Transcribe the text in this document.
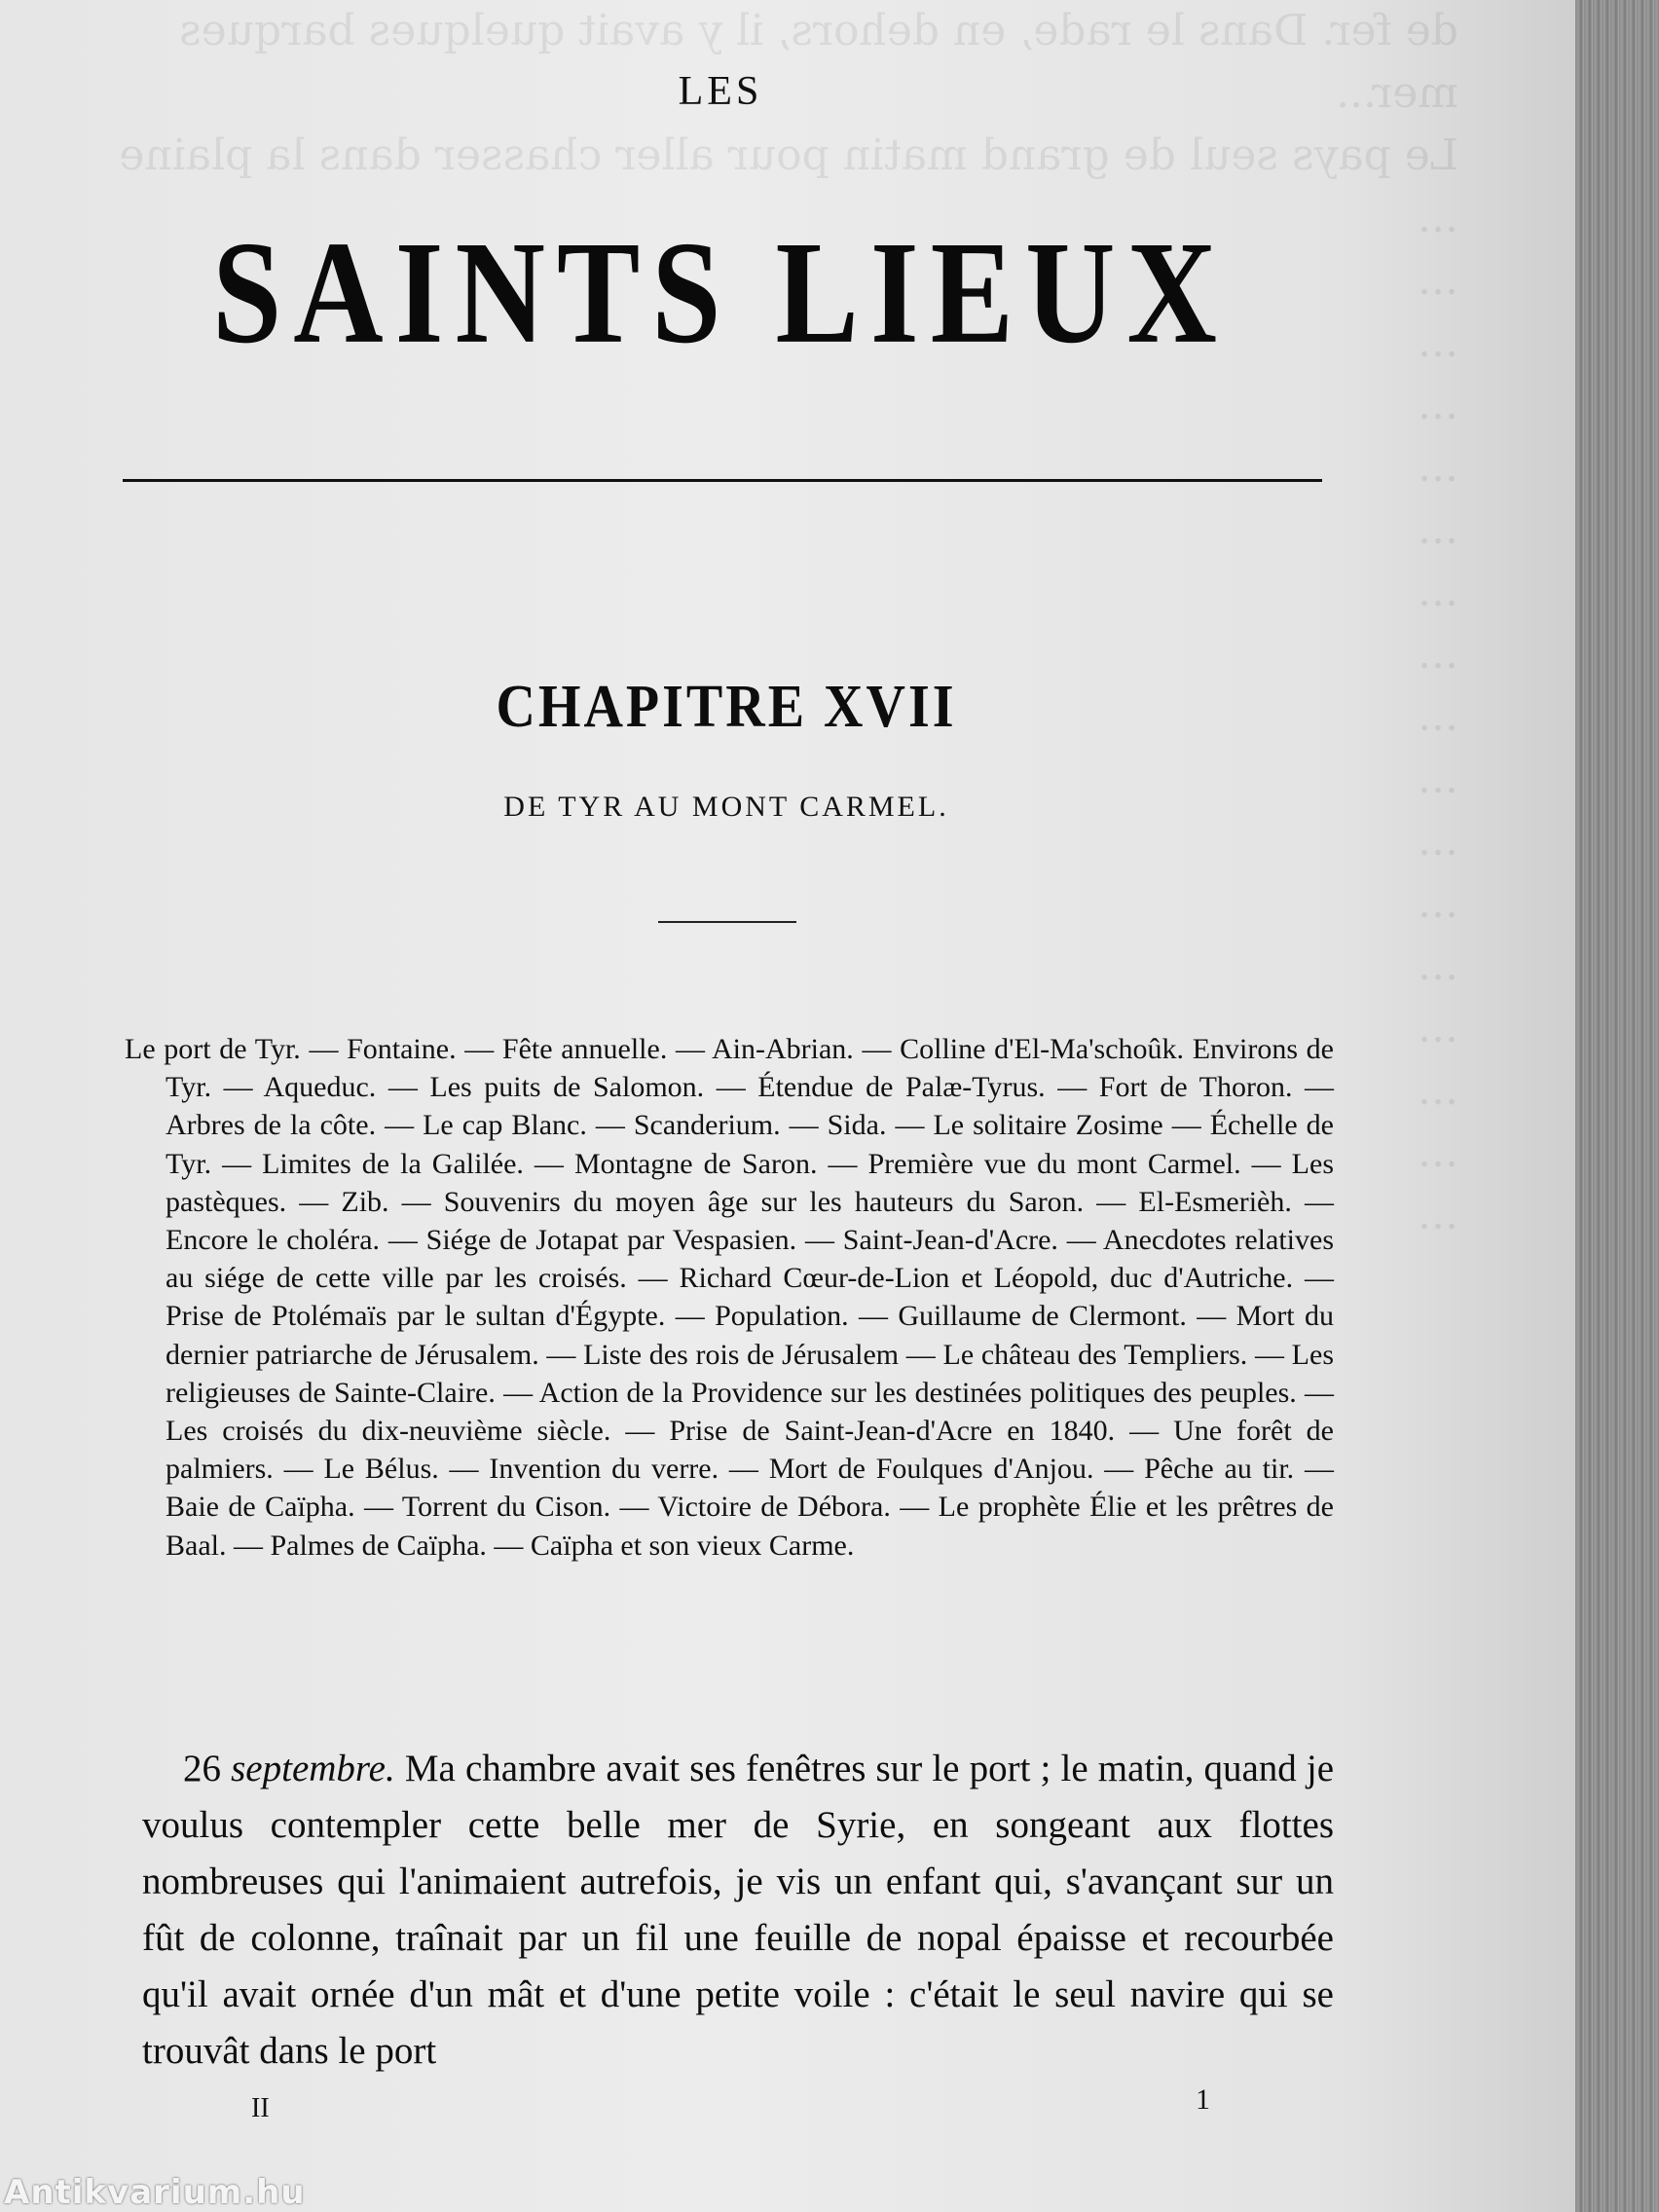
de fer. Dans le rade, en dehors, il y avait quelques barques
mer...
Le pays seul de grand matin pour aller chasser dans la plaine
...
...
...
...
...
...
...
...
...
...
...
...
...
...
...
...
...
LES
SAINTS LIEUX
CHAPITRE XVII
DE TYR AU MONT CARMEL.
Le port de Tyr. — Fontaine. — Fête annuelle. — Ain-Abrian. — Colline d'El-Ma'schoûk. Environs de Tyr. — Aqueduc. — Les puits de Salomon. — Étendue de Palæ-Tyrus. — Fort de Thoron. — Arbres de la côte. — Le cap Blanc. — Scanderium. — Sida. — Le solitaire Zosime — Échelle de Tyr. — Limites de la Galilée. — Montagne de Saron. — Première vue du mont Carmel. — Les pastèques. — Zib. — Souvenirs du moyen âge sur les hauteurs du Saron. — El-Esmerièh. — Encore le choléra. — Siége de Jotapat par Vespasien. — Saint-Jean-d'Acre. — Anecdotes relatives au siége de cette ville par les croisés. — Richard Cœur-de-Lion et Léopold, duc d'Autriche. — Prise de Ptolémaïs par le sultan d'Égypte. — Population. — Guillaume de Clermont. — Mort du dernier patriarche de Jérusalem. — Liste des rois de Jérusalem — Le château des Templiers. — Les religieuses de Sainte-Claire. — Action de la Providence sur les destinées politiques des peuples. — Les croisés du dix-neuvième siècle. — Prise de Saint-Jean-d'Acre en 1840. — Une forêt de palmiers. — Le Bélus. — Invention du verre. — Mort de Foulques d'Anjou. — Pêche au tir. — Baie de Caïpha. — Torrent du Cison. — Victoire de Débora. — Le prophète Élie et les prêtres de Baal. — Palmes de Caïpha. — Caïpha et son vieux Carme.
26 septembre. Ma chambre avait ses fenêtres sur le port ; le matin, quand je voulus contempler cette belle mer de Syrie, en songeant aux flottes nombreuses qui l'animaient autrefois, je vis un enfant qui, s'avançant sur un fût de colonne, traînait par un fil une feuille de nopal épaisse et recourbée qu'il avait ornée d'un mât et d'une petite voile : c'était le seul navire qui se trouvât dans le port
II	1
Antikvarium.hu
